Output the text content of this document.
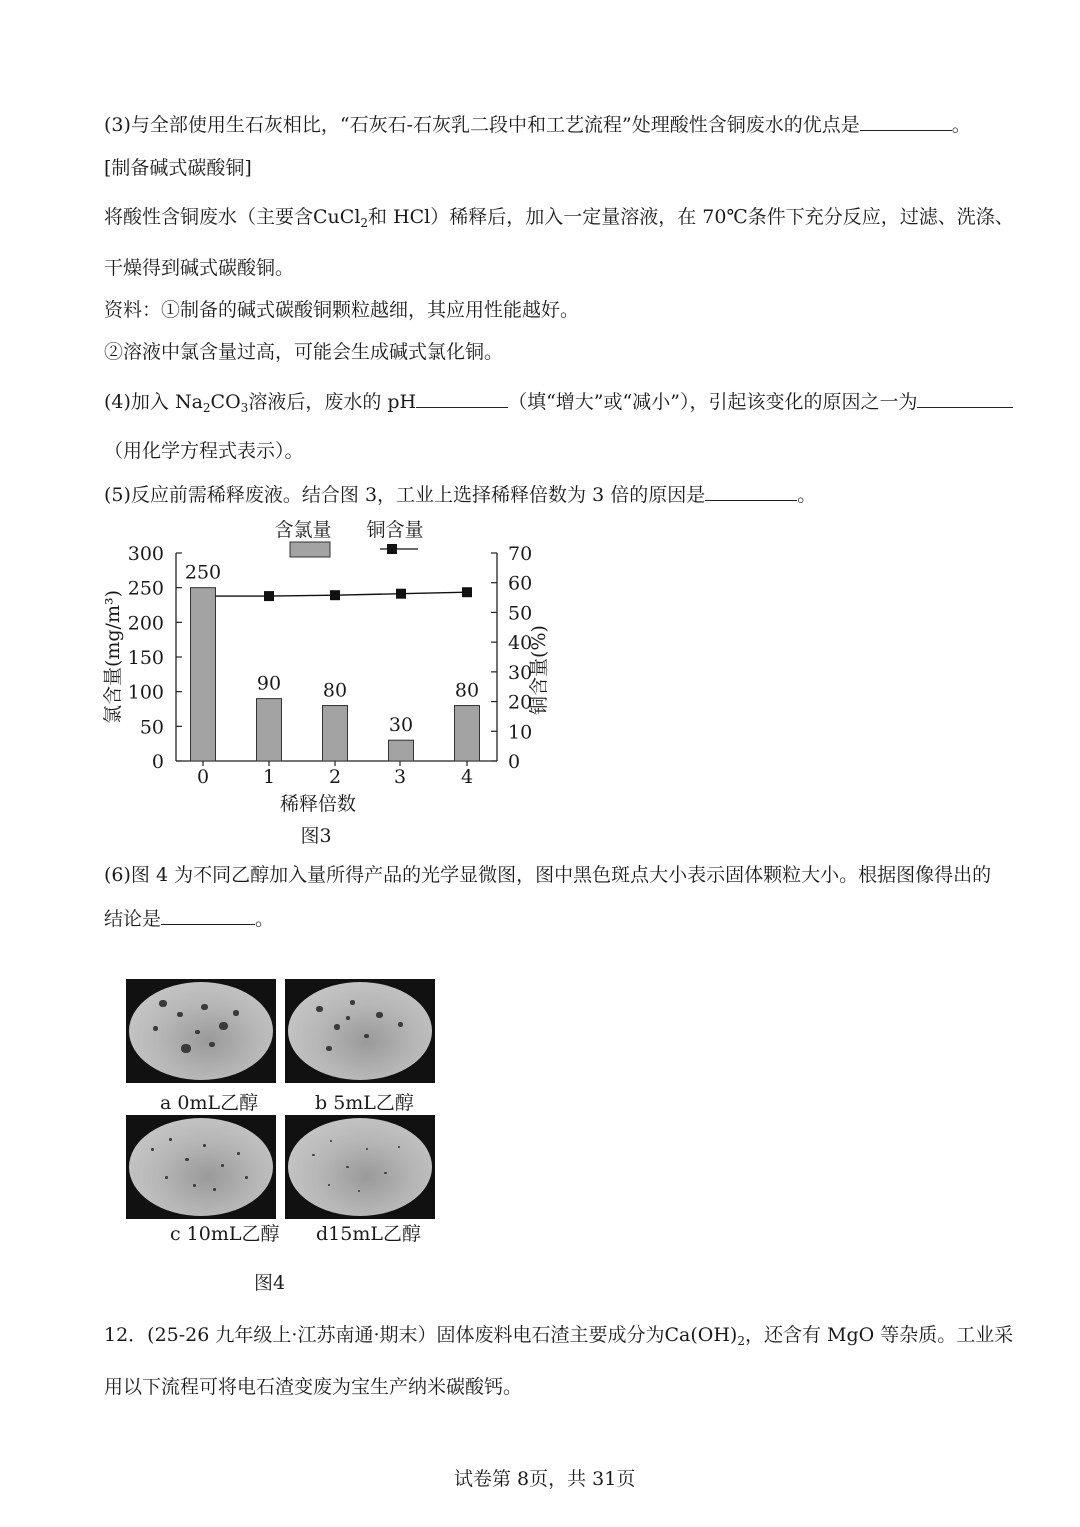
(3)与全部使用生石灰相比，“石灰石-石灰乳二段中和工艺流程”处理酸性含铜废水的优点是	。
[制备碱式碳酸铜]
将酸性含铜废水（主要含CuCl$_2$和 HCl）稀释后，加入一定量溶液，在 70℃条件下充分反应，过滤、洗涤、
干燥得到碱式碳酸铜。
资料：①制备的碱式碳酸铜颗粒越细，其应用性能越好。
②溶液中氯含量过高，可能会生成碱式氯化铜。
(4)加入 $Na_2CO_3$溶液后，废水的 pH	（填“增大”或“减小”），引起该变化的原因之一为
（用化学方程式表示）。
(5)反应前需稀释废液。结合图 3，工业上选择稀释倍数为 3 倍的原因是	。
0
50
100
150
200
250
300
0
10
20
30
40
50
60
70
0	1	2	3	4
250
90 80
30
80
含氯量 铜含量
氯含量(mg/m³)	铜含量(%)
稀释倍数
图3
(6)图 4 为不同乙醇加入量所得产品的光学显微图，图中黑色斑点大小表示固体颗粒大小。根据图像得出的
结论是	。
a 0mL乙醇	b 5mL乙醇
c 10mL乙醇 d15mL乙醇
图4
12．(25-26 九年级上·江苏南通·期末）固体废料电石渣主要成分为$Ca(OH)_2$，还含有 MgO 等杂质。工业采
用以下流程可将电石渣变废为宝生产纳米碳酸钙。
试卷第 8页，共 31页
